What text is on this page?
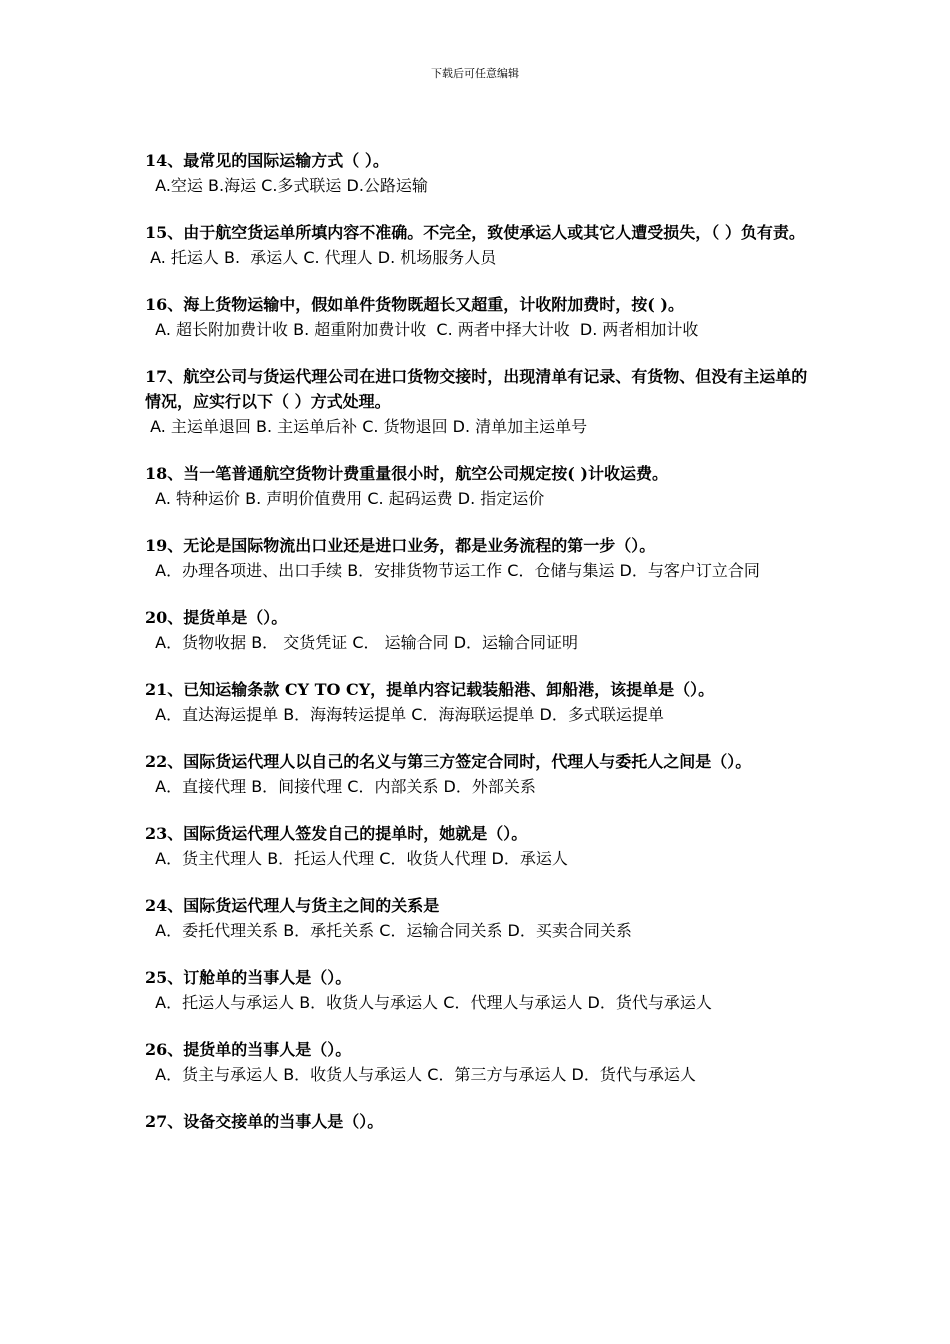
下载后可任意编辑
14、最常见的国际运输方式（ ）。
A.空运 B.海运 C.多式联运 D.公路运输
15、由于航空货运单所填内容不准确。不完全，致使承运人或其它人遭受损失，（ ）负有责。
A. 托运人 B.  承运人 C. 代理人 D. 机场服务人员
16、海上货物运输中，假如单件货物既超长又超重，计收附加费时，按( )。
A. 超长附加费计收 B. 超重附加费计收  C. 两者中择大计收  D. 两者相加计收
17、航空公司与货运代理公司在进口货物交接时，出现清单有记录、有货物、但没有主运单的情况，应实行以下（ ）方式处理。
A. 主运单退回 B. 主运单后补 C. 货物退回 D. 清单加主运单号
18、当一笔普通航空货物计费重量很小时，航空公司规定按( )计收运费。
A. 特种运价 B. 声明价值费用 C. 起码运费 D. 指定运价
19、无论是国际物流出口业还是进口业务，都是业务流程的第一步（）。
A．办理各项进、出口手续 B．安排货物节运工作 C．仓储与集运 D．与客户订立合同
20、提货单是（）。
A．货物收据 B． 交货凭证 C． 运输合同 D．运输合同证明
21、已知运输条款 CY TO CY，提单内容记载装船港、卸船港，该提单是（）。
A．直达海运提单 B．海海转运提单 C．海海联运提单 D．多式联运提单
22、国际货运代理人以自己的名义与第三方签定合同时，代理人与委托人之间是（）。
A．直接代理 B．间接代理 C．内部关系 D．外部关系
23、国际货运代理人签发自己的提单时，她就是（）。
A．货主代理人 B．托运人代理 C．收货人代理 D．承运人
24、国际货运代理人与货主之间的关系是
A．委托代理关系 B．承托关系 C．运输合同关系 D．买卖合同关系
25、订舱单的当事人是（）。
A．托运人与承运人 B．收货人与承运人 C．代理人与承运人 D．货代与承运人
26、提货单的当事人是（）。
A．货主与承运人 B．收货人与承运人 C．第三方与承运人 D．货代与承运人
27、设备交接单的当事人是（）。
